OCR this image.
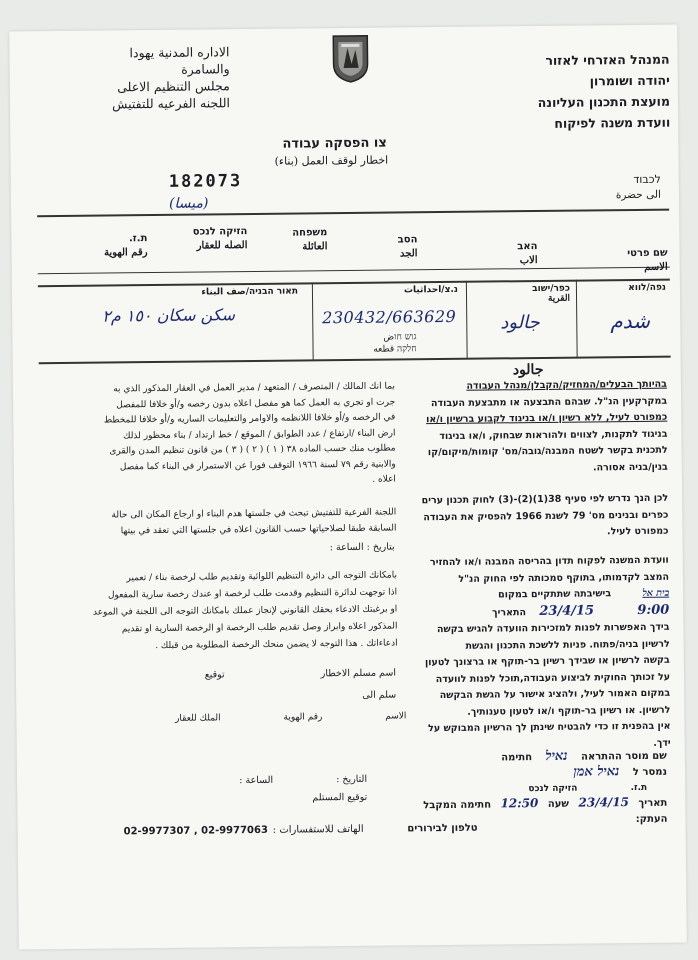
الاداره المدنية يهودا
والسامرة
مجلس التنظيم الاعلى
اللجنه الفرعيه للتفتيش
המנהל האזרחי לאזור
יהודה ושומרון
מועצת התכנון העליונה
וועדת משנה לפיקוח
צו הפסקה עבודה
اخطار لوقف العمل (بناء)
182073
(ميسا)
לכבוד
الى حضرة
שם פרטי
الاسم
האב
الاب
הסב
الجد
משפחה
العائلة
הזיקה לנכס
الصله للعقار
ת.ז.
رقم الهوية
נפה/לווא
כפר/ישוב
القرية
נ.צ/احداثيات
גוש חוض
חלקה قطعه
תאור הבניה/صف البناء
شدم
جالود
230432/663629
سكن سكان ١٥٠ م٢
جالود
בהיותך הבעלים/המחזיק/הקבלן/מנהל העבודה
במקרקעין הנ"ל. שבהם התבצעה או מתבצעת העבודה
כמפורט לעיל, ללא רשיון ו/או בניגוד לקבוע ברשיון ו/או
בניגוד לתקנות, לצווים ולהוראות שבחוק, ו/או בניגוד
לתכנית בקשר לשטח המבנה/גובה/מס' קומות/מיקום/קו
בנין/בניה אסורה.
לכן הנך נדרש לפי סעיף 38(1)(2)-(3) לחוק תכנון ערים
כפרים ובנינים מס' 79 לשנת 1966 להפסיק את העבודה
כמפורט לעיל.
וועדת המשנה לפקוח תדון בהריסה המבנה ו/או להחזיר
המצב לקדמותו, בתוקף סמכותה לפי החוק הנ"ל
בית אל בישיבתה שתתקיים במקום
9:00 23/4/15 התאריך
בידך האפשרות לפנות למזכירות הוועדה להגיש בקשה
לרשיון בניה/פתוח. פניות ללשכת התכנון והגשת
בקשה לרשיון או שבידך רשיון בר-תוקף או ברצונך לטעון
על זכותך החוקית לביצוע העבודה,תוכל לפנות לוועדה
במקום האמור לעיל, ולהציג אישור על הגשת הבקשה
לרשיון. או רשיון בר-תוקף ו/או לטעון טענותיך.
אין בהפנית זו כדי להבטיח שינתן לך הרשיון המבוקש על
ידך.
بما انك المالك / المتصرف / المتعهد / مدير العمل في العقار المذكور الذي به
جرت او تجري به العمل كما هو مفصل اعلاه بدون رخصه و/أو خلافا للمفصل
في الرخصه و/أو خلافا اللانظمه والاوامر والتعليمات الساريه و/أو خلافا للمخطط
ارض البناء /ارتفاع / عدد الطوابق / الموقع / خط ارتداد / بناء محظور لذلك
مطلوب منك حسب الماده ٣٨ ( ١ ) ( ٢ ) ( ٣ ) من قانون تنظيم المدن والقرى
والابنية رقم ٧٩ لسنة ١٩٦٦ التوقف فورا عن الاستمرار في البناء كما مفصل
اعلاه .
اللجنة الفرعية للتفتيش تبحث في جلستها هدم البناء او ارجاع المكان الى حالة
السابقة طبقا لصلاحياتها حسب القانون اعلاه في جلستها التي تعقد في بيتها
بتاريخ : الساعة :
بامكانك التوجه الى دائرة التنظيم اللوائية وتقديم طلب لرخصة بناء / تعمير
اذا توجهت لدائرة التنظيم وقدمت طلب لرخصة او عندك رخصة سارية المفعول
او برغبتك الادعاء بحقك القانوني لإنجاز عملك بامكانك التوجه الى اللجنة في الموعد
المذكور اعلاه وابراز وصل تقديم طلب الرخصة او الرخصة السارية او تقديم
ادعاءاتك . هذا التوجه لا يضمن منحك الرخصة المطلوبة من قبلك .
اسم مسلم الاخطار  توقيع
سلم الى
الاسم رقم الهوية الملك للعقار
التاريخ : الساعة :
توقيع المستلم
שם מוסר ההתראה נאיל חתימה
נמסר ל נאיל אמן
ת.ז. הזיקה לנכס
תאריך 23/4/15 שעה 12:50 חתימה המקבל
העתק:
02-9977307 , 02-9977063 الهاتف للاستفسارات :	טלפון לבירורים
